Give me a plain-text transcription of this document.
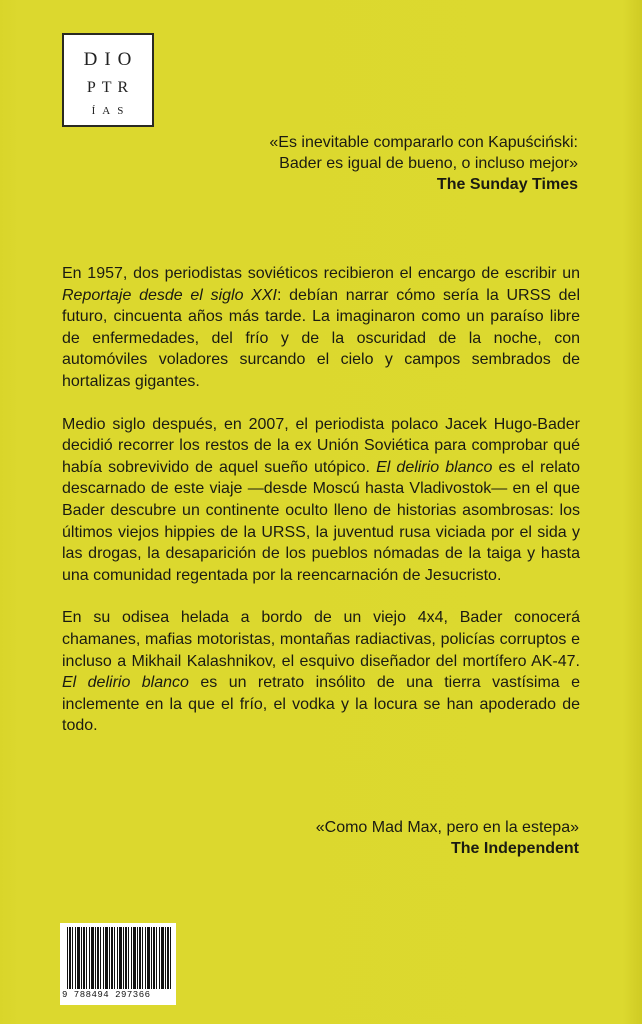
DIO
PTR
ÍAS
«Es inevitable compararlo con Kapuściński:
Bader es igual de bueno, o incluso mejor»
The Sunday Times

En 1957, dos periodistas soviéticos recibieron el encargo de escribir un Reportaje desde el siglo XXI: debían narrar cómo sería la URSS del futuro, cincuenta años más tarde. La imaginaron como un paraíso libre de enfermedades, del frío y de la oscuridad de la noche, con automóviles voladores surcando el cielo y campos sembrados de hortalizas gigantes.

Medio siglo después, en 2007, el periodista polaco Jacek Hugo-Bader decidió recorrer los restos de la ex Unión Soviética para comprobar qué había sobrevivido de aquel sueño utópico. El delirio blanco es el relato descarnado de este viaje —desde Moscú hasta Vladivostok— en el que Bader descubre un continente oculto lleno de historias asombrosas: los últimos viejos hippies de la URSS, la juventud rusa viciada por el sida y las drogas, la desaparición de los pueblos nómadas de la taiga y hasta una comunidad regentada por la reencarnación de Jesucristo.

En su odisea helada a bordo de un viejo 4x4, Bader conocerá chamanes, mafias motoristas, montañas radiactivas, policías corruptos e incluso a Mikhail Kalashnikov, el esquivo diseñador del mortífero AK-47. El delirio blanco es un retrato insólito de una tierra vastísima e inclemente en la que el frío, el vodka y la locura se han apoderado de todo.

«Como Mad Max, pero en la estepa»
The Independent
9 788494 297366
